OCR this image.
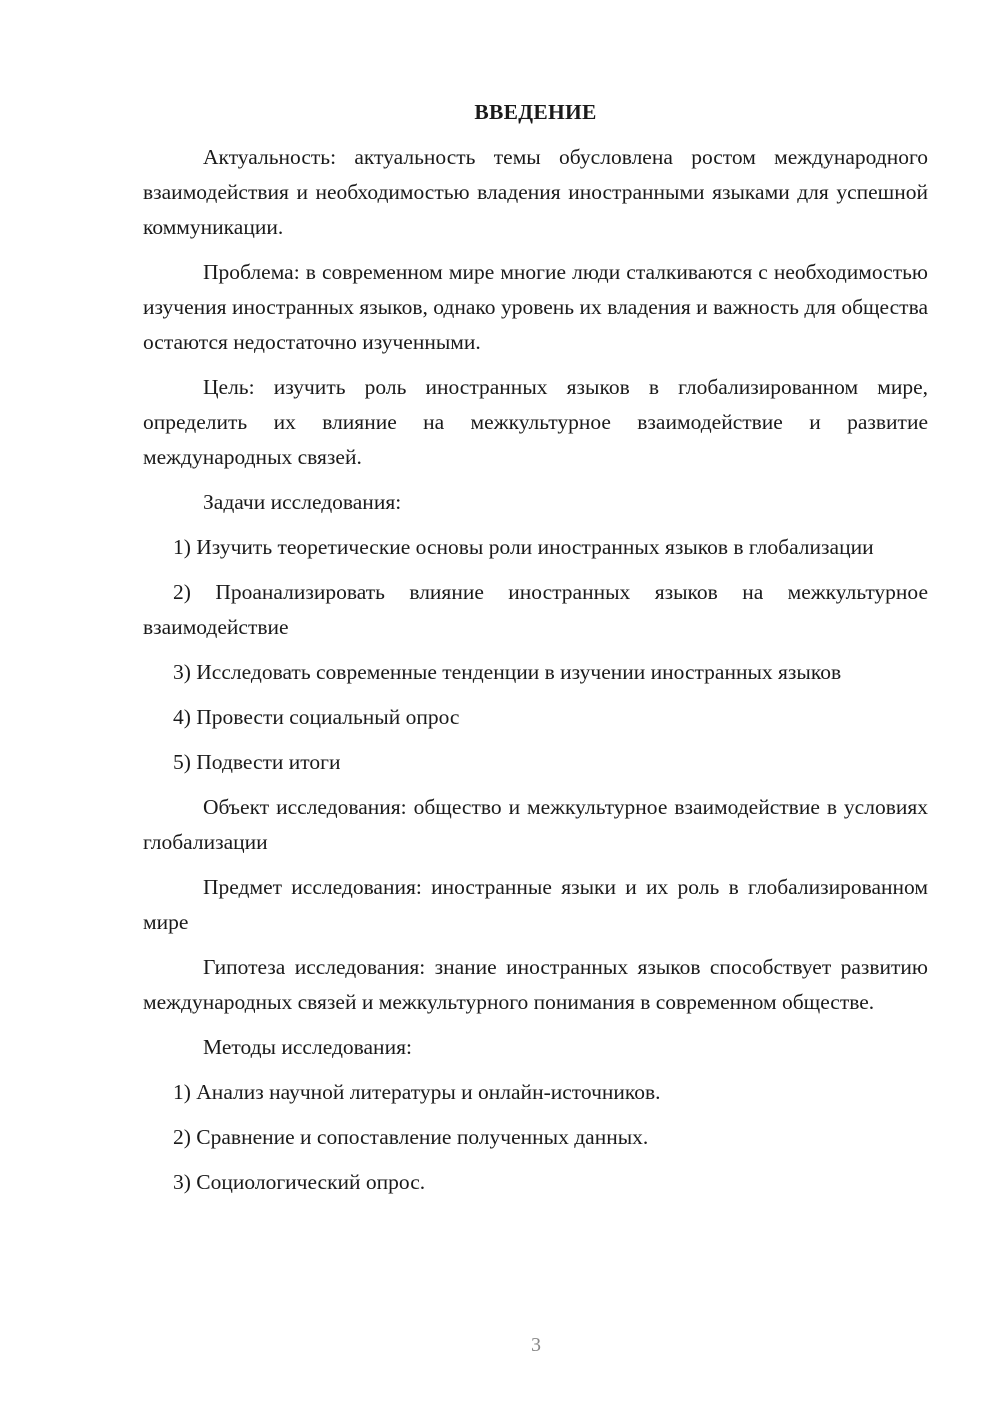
ВВЕДЕНИЕ
Актуальность: актуальность темы обусловлена ростом международного взаимодействия и необходимостью владения иностранными языками для успешной коммуникации.
Проблема: в современном мире многие люди сталкиваются с необходимостью изучения иностранных языков, однако уровень их владения и важность для общества остаются недостаточно изученными.
Цель: изучить роль иностранных языков в глобализированном мире, определить их влияние на межкультурное взаимодействие и развитие международных связей.
Задачи исследования:
1) Изучить теоретические основы роли иностранных языков в глобализации
2) Проанализировать влияние иностранных языков на межкультурное взаимодействие
3) Исследовать современные тенденции в изучении иностранных языков
4) Провести социальный опрос
5) Подвести итоги
Объект исследования: общество и межкультурное взаимодействие в условиях глобализации
Предмет исследования: иностранные языки и их роль в глобализированном мире
Гипотеза исследования: знание иностранных языков способствует развитию международных связей и межкультурного понимания в современном обществе.
Методы исследования:
1) Анализ научной литературы и онлайн-источников.
2) Сравнение и сопоставление полученных данных.
3) Социологический опрос.
3
